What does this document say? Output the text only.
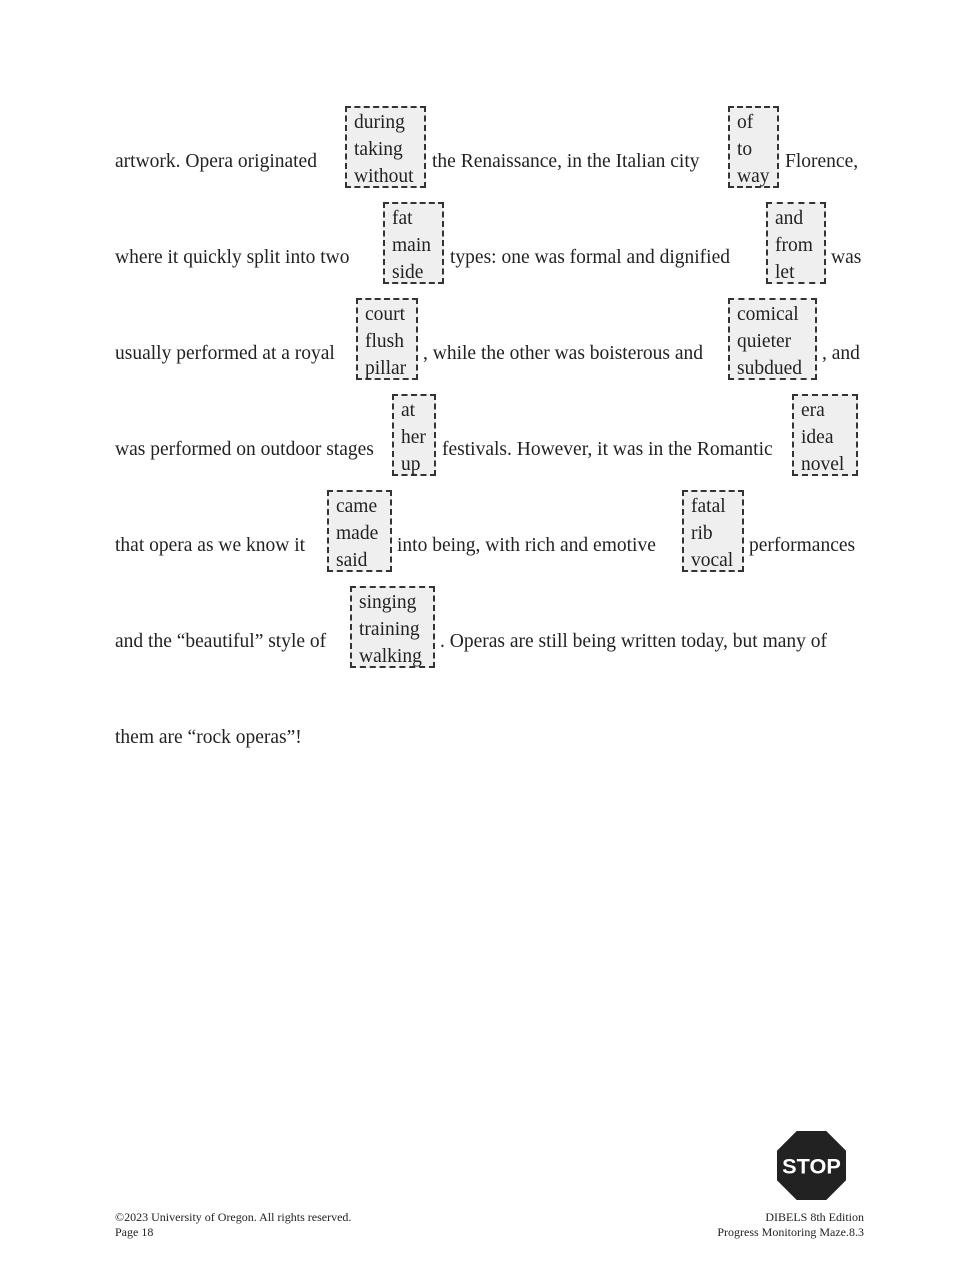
artwork. Opera originated
during
taking
without
the Renaissance, in the Italian city
of
to
way
Florence,
where it quickly split into two
fat
main
side
types: one was formal and dignified
and
from
let
was
usually performed at a royal
court
flush
pillar
, while the other was boisterous and
comical
quieter
subdued
, and
was performed on outdoor stages
at
her
up
festivals. However, it was in the Romantic
era
idea
novel
that opera as we know it
came
made
said
into being, with rich and emotive
fatal
rib
vocal
performances
and the “beautiful” style of
singing
training
walking
. Operas are still being written today, but many of
them are “rock operas”!
STOP
©2023 University of Oregon. All rights reserved.
Page 18
DIBELS 8th Edition
Progress Monitoring Maze.8.3
